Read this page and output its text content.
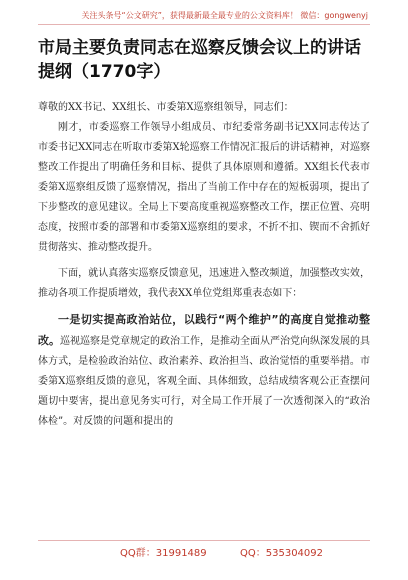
关注头条号“公文研究”，获得最新最全最专业的公文资料库！ 微信：gongwenyj
市局主要负责同志在巡察反馈会议上的讲话提纲（1770字）

尊敬的XX书记、XX组长、市委第X巡察组领导，同志们：

刚才，市委巡察工作领导小组成员、市纪委常务副书记XX同志传达了市委书记XX同志在听取市委第X轮巡察工作情况汇报后的讲话精神，对巡察整改工作提出了明确任务和目标、提供了具体原则和遵循。XX组长代表市委第X巡察组反馈了巡察情况，指出了当前工作中存在的短板弱项，提出了下步整改的意见建议。全局上下要高度重视巡察整改工作，摆正位置、亮明态度，按照市委的部署和市委第X巡察组的要求，不折不扣、锲而不舍抓好贯彻落实、推动整改提升。

下面，就认真落实巡察反馈意见，迅速进入整改频道，加强整改实效，推动各项工作提质增效，我代表XX单位党组郑重表态如下：

一是切实提高政治站位，以践行“两个维护”的高度自觉推动整改。巡视巡察是党章规定的政治工作，是推动全面从严治党向纵深发展的具体方式，是检验政治站位、政治素养、政治担当、政治觉悟的重要举措。市委第X巡察组反馈的意见，客观全面、具体细致，总结成绩客观公正查摆问题切中要害，提出意见务实可行，对全局工作开展了一次透彻深入的“政治体检”。对反馈的问题和提出的

QQ群：31991489	QQ：535304092
